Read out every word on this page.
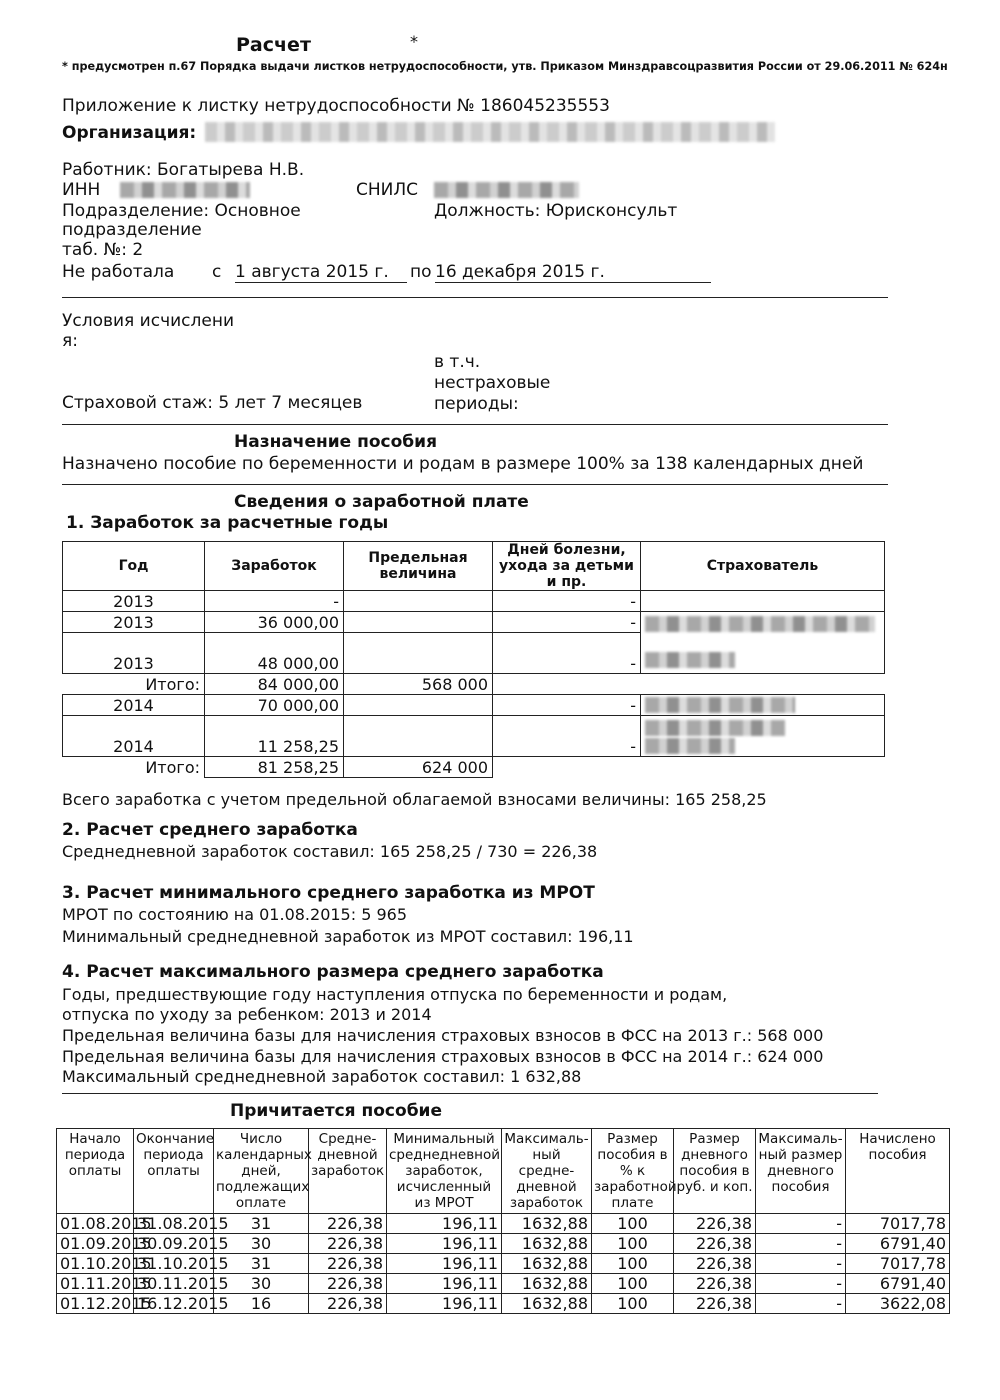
Расчет	*
* предусмотрен п.67 Порядка выдачи листков нетрудоспособности, утв. Приказом Минздравсоцразвития России от 29.06.2011 № 624н
Приложение к листку нетрудоспособности № 186045235553
Организация:
Работник: Богатырева Н.В.
ИНН	СНИЛС
Подразделение: Основное	Должность: Юрисконсульт
подразделение
таб. №: 2
Не работала с 1 августа 2015 г.	по 16 декабря 2015 г.
Условия исчислени
я:
в т.ч.
нестраховые
периоды:
Страховой стаж: 5 лет 7 месяцев
Назначение пособия
Назначено пособие по беременности и родам в размере 100% за 138 календарных дней
Сведения о заработной плате
1. Заработок за расчетные годы
Год	Заработок	Предельная величина	Дней болезни, ухода за детьми и пр.	Страхователь
2013	-		-	
2013	36 000,00		-	

2013	48 000,00		-	
Итого:	84 000,00	568 000		
2014	70 000,00		-	

2014	11 258,25		-	

Итого:	81 258,25	624 000		
Всего заработка с учетом предельной облагаемой взносами величины: 165 258,25
2. Расчет среднего заработка
Среднедневной заработок составил: 165 258,25 / 730 = 226,38
3. Расчет минимального среднего заработка из МРОТ
МРОТ по состоянию на 01.08.2015: 5 965
Минимальный среднедневной заработок из МРОТ составил: 196,11
4. Расчет максимального размера среднего заработка
Годы, предшествующие году наступления отпуска по беременности и родам,
отпуска по уходу за ребенком: 2013 и 2014
Предельная величина базы для начисления страховых взносов в ФСС на 2013 г.: 568 000
Предельная величина базы для начисления страховых взносов в ФСС на 2014 г.: 624 000
Максимальный среднедневной заработок составил: 1 632,88
Причитается пособие
Начало периода оплаты	Окончание периода оплаты	Число календарных дней, подлежащих оплате	Средне-дневной заработок	Минимальный среднедневной заработок, исчисленный из МРОТ	Максималь-ный средне-дневной заработок	Размер пособия в % к заработной плате	Размер дневного пособия в руб. и коп.	Максималь-ный размер дневного пособия	Начислено пособия
01.08.2015	31.08.2015	31	226,38	196,11	1632,88	100	226,38	-	7017,78
01.09.2015	30.09.2015	30	226,38	196,11	1632,88	100	226,38	-	6791,40
01.10.2015	31.10.2015	31	226,38	196,11	1632,88	100	226,38	-	7017,78
01.11.2015	30.11.2015	30	226,38	196,11	1632,88	100	226,38	-	6791,40
01.12.2015	16.12.2015	16	226,38	196,11	1632,88	100	226,38	-	3622,08
